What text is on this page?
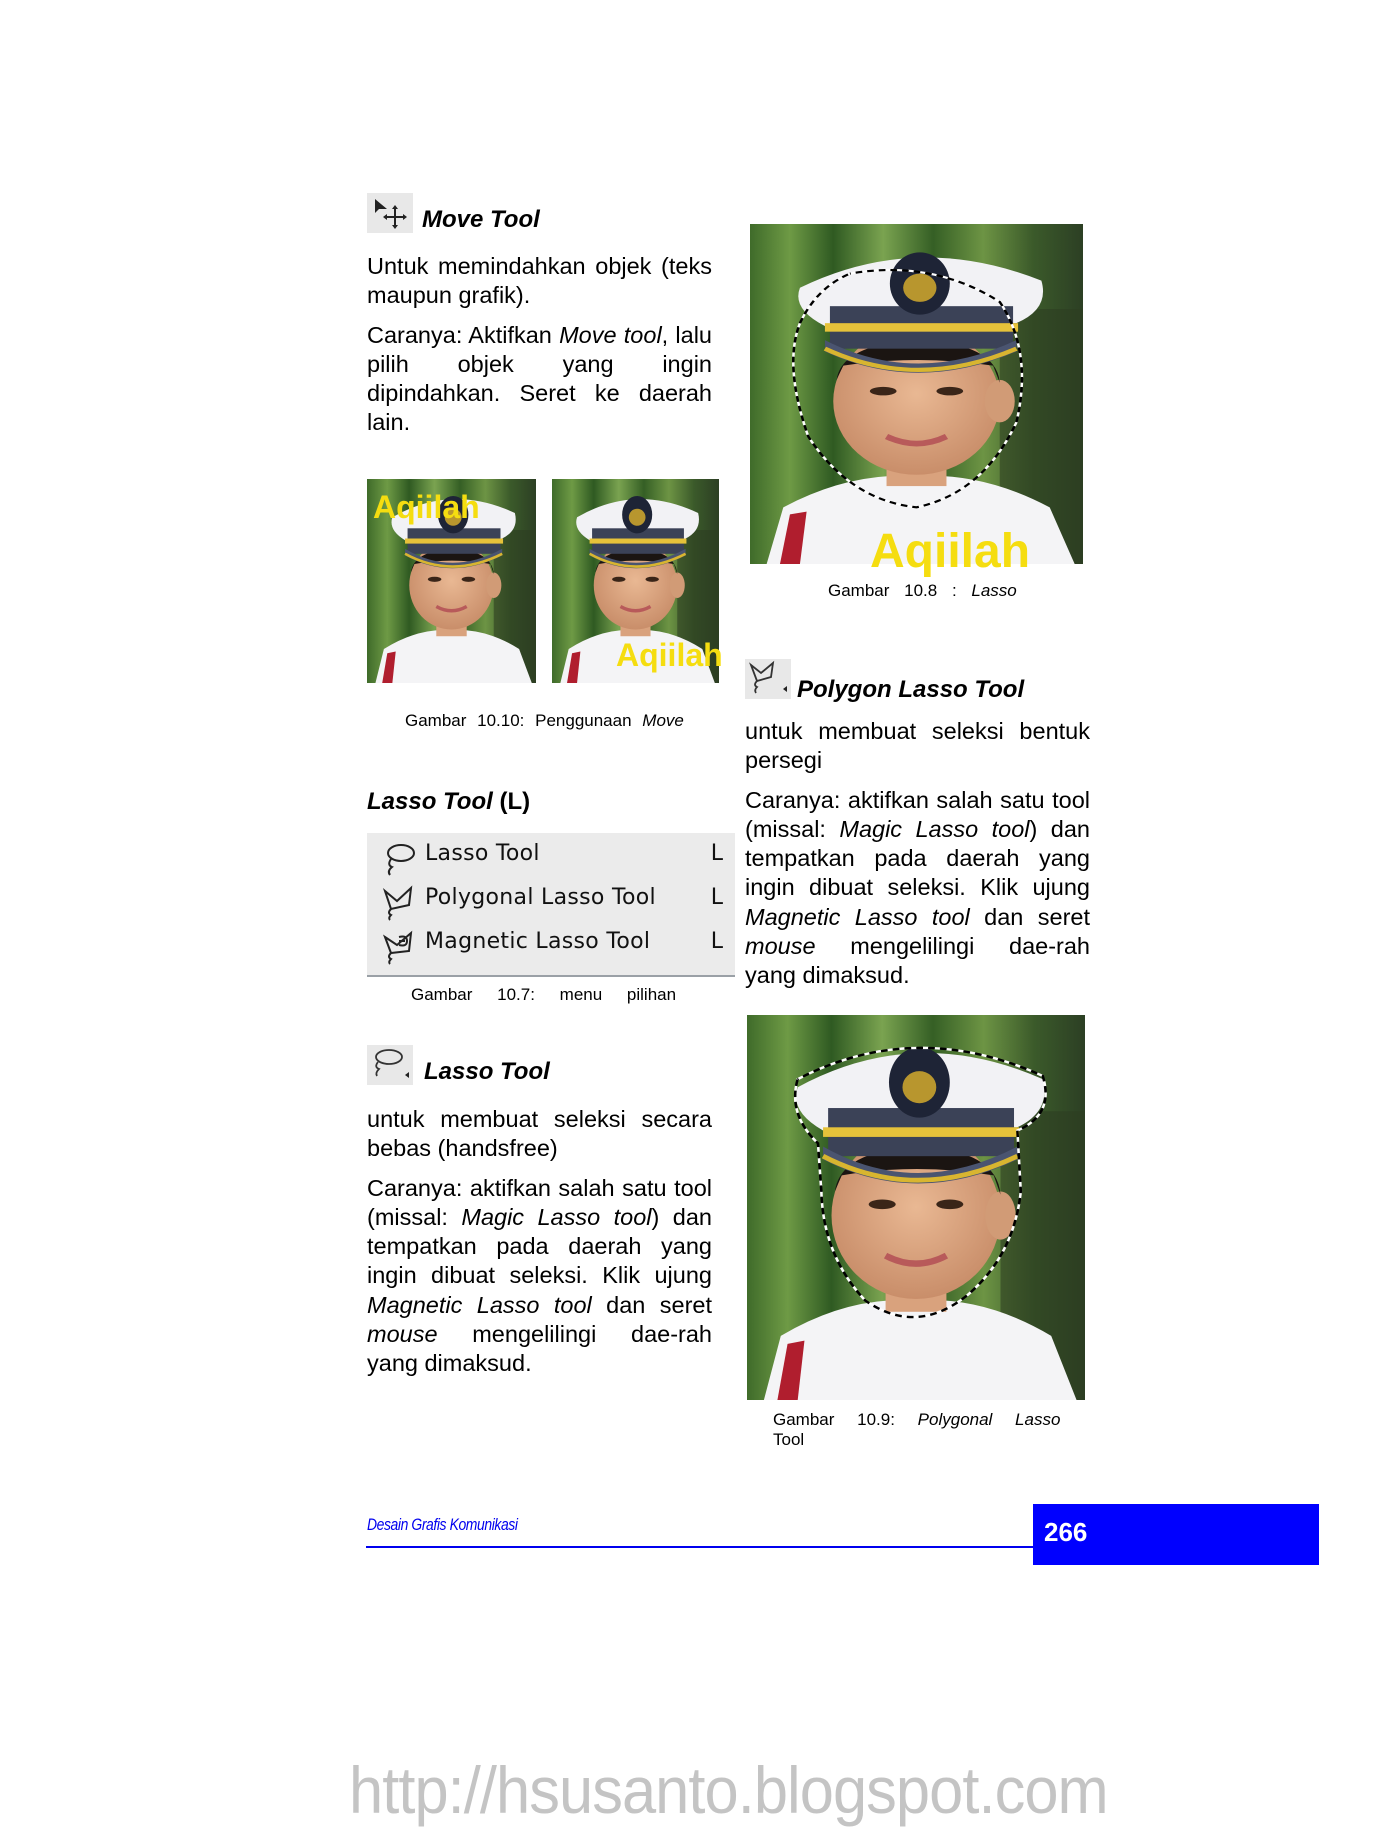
Move Tool

Untuk memindahkan objek (teks maupun grafik).

Caranya: Aktifkan Move tool, lalu pilih objek yang ingin dipindahkan. Seret ke daerah lain.

Aqiilah
Aqiilah
Gambar 10.10: Penggunaan Move
Lasso Tool (L)
Lasso Tool	L
Polygonal Lasso Tool L
Magnetic Lasso Tool	L
Gambar 10.7: menu pilihan
Lasso Tool

untuk membuat seleksi secara bebas (handsfree)

Caranya: aktifkan salah satu tool (missal: Magic Lasso tool) dan tempatkan pada daerah yang ingin dibuat seleksi. Klik ujung Magnetic Lasso tool dan seret mouse mengelilingi dae-rah yang dimaksud.

Aqiilah
Gambar 10.8 : Lasso
Polygon Lasso Tool

untuk membuat seleksi bentuk persegi

Caranya: aktifkan salah satu tool (missal: Magic Lasso tool) dan tempatkan pada daerah yang ingin dibuat seleksi. Klik ujung Magnetic Lasso tool dan seret mouse mengelilingi dae-rah yang dimaksud.

Gambar 10.9: Polygonal Lasso
Tool
Desain Grafis Komunikasi	266
http://hsusanto.blogspot.com
